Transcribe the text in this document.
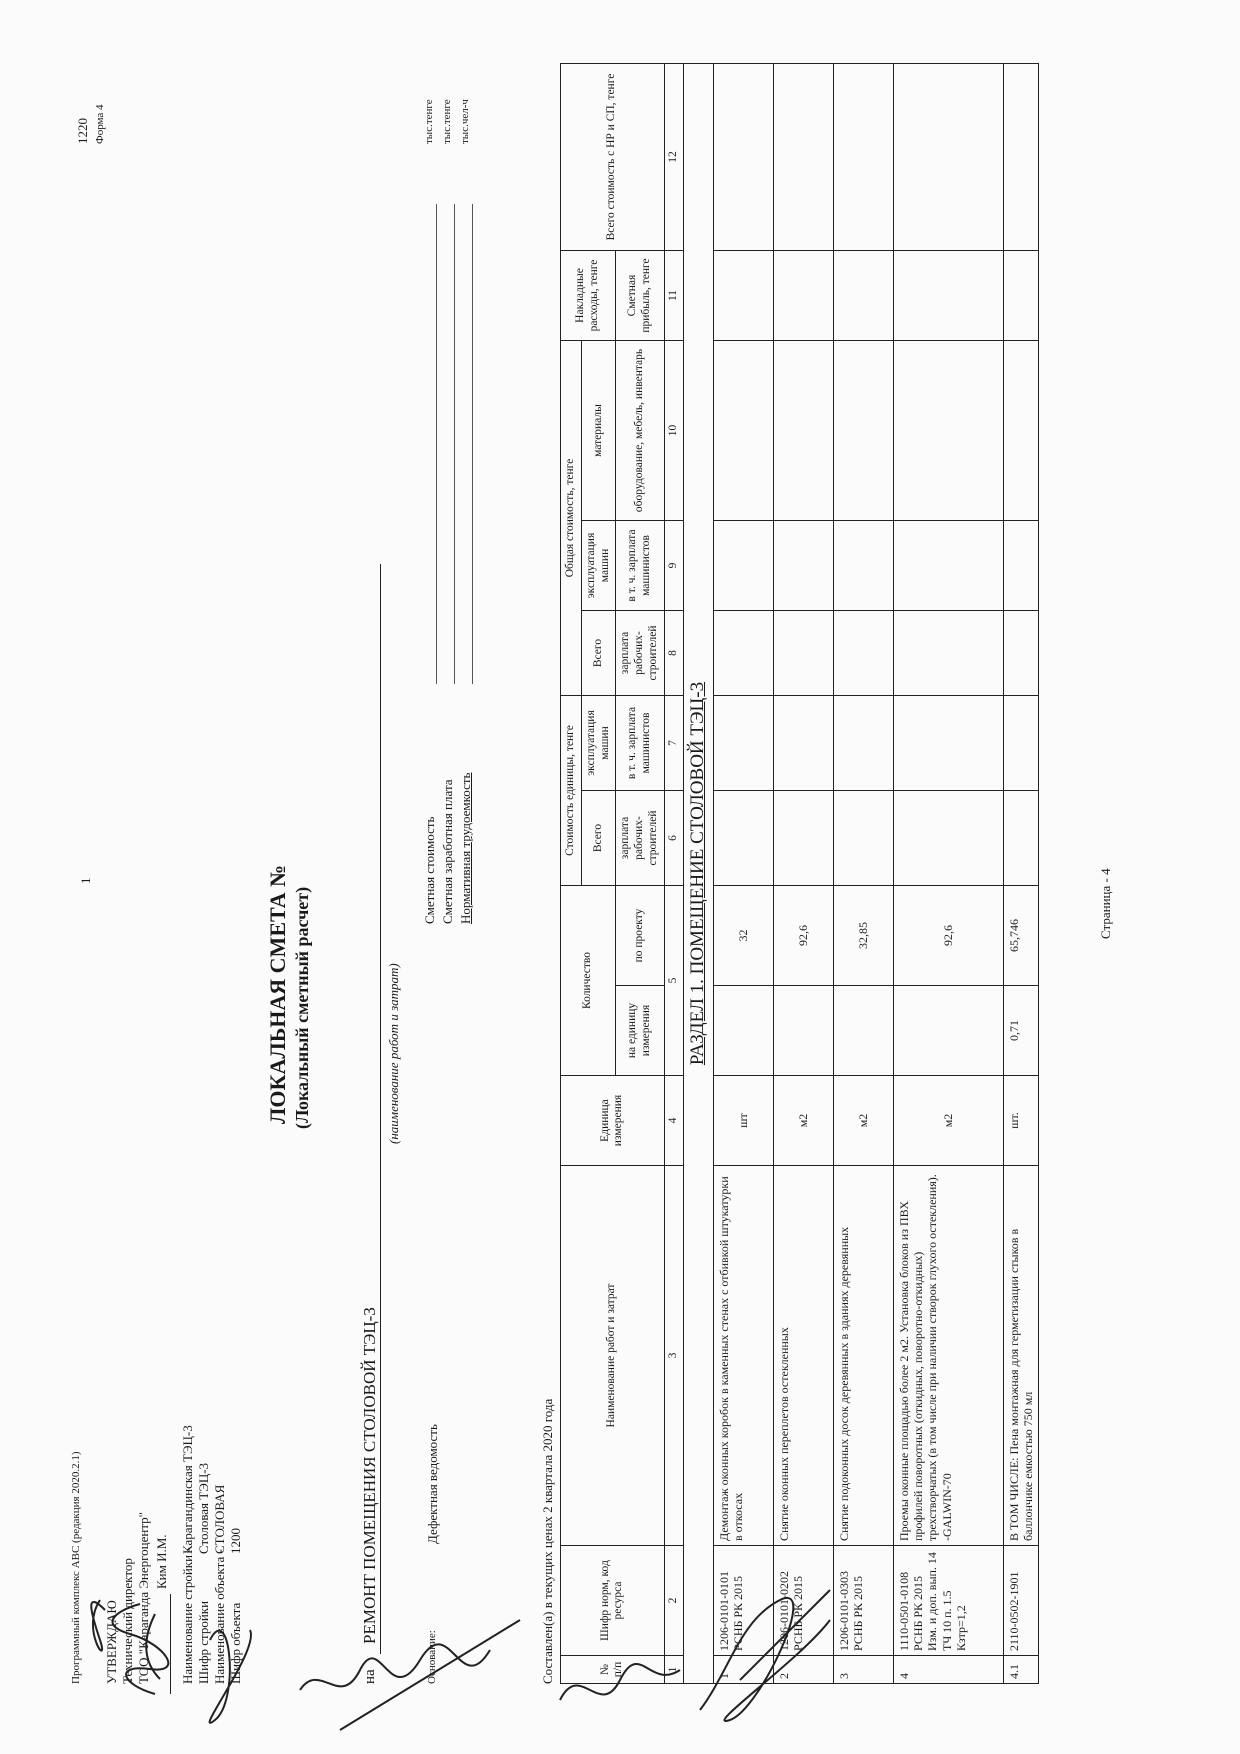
Программный комплекс АВС (редакция 2020.2.1)
1
1220 Форма 4
УТВЕРЖДАЮ Технический директор ТОО "Караганда Энергоцентр" Ким И.М. Наименование стройки -Карагандинская ТЭЦ-3
Шифр стройкиСтоловая ТЭЦ-3
Наименование объекта -СТОЛОВАЯ
Шифр объекта1200
ЛОКАЛЬНАЯ СМЕТА № (Локальный сметный расчет)
на
РЕМОНТ ПОМЕЩЕНИЯ СТОЛОВОЙ ТЭЦ-3
(наименование работ и затрат)
Основание:
Дефектная ведомость
Сметная стоимость
тыс.тенге
Сметная заработная плата
тыс.тенге
Нормативная трудоемкость
тыс.чел-ч
Составлен(а) в текущих ценах 2 квартала 2020 года	№ п/п	Шифр норм, код ресурса	Наименование работ и затрат	Единица измерения	Количество		Стоимость единицы, тенге		Общая стоимость, тенге			Накладные расходы, тенге	Всего стоимость с НР и СП, тенге
						Всего	эксплуатация машин	Всего	эксплуатация машин	материалы		
				на единицу измерения	по проекту	зарплата рабочих-строителей	в т. ч. зарплата машинистов	зарплата рабочих-строителей	в т. ч. зарплата машинистов	оборудование, мебель, инвентарь	Сметная прибыль, тенге	
1	2	3	4	5		6	7	8	9	10	11	12
РАЗДЕЛ 1. ПОМЕЩЕНИЕ СТОЛОВОЙ ТЭЦ-3												
1	1206-0101-0101 РСНБ РК 2015	Демонтаж оконных коробок в каменных стенах с отбивкой штукатурки в откосах	шт		32							
2	1206-0101-0202 РСНБ РК 2015	Снятие оконных переплетов остекленных	м2		92,6							
3	1206-0101-0303 РСНБ РК 2015	Снятие подоконных досок деревянных в зданиях деревянных	м2		32,85							
4	1110-0501-0108 РСНБ РК 2015 Изм. и доп. вып. 14 ТЧ 10 п. 1.5 Кзтр=1,2	Проемы оконные площадью более 2 м2. Установка блоков из ПВХ профилей поворотных (откидных, поворотно-откидных) трехстворчатых (в том числе при наличии створок глухого остекления). -GALWIN-70	м2		92,6							
4.1	2110-0502-1901	В ТОМ ЧИСЛЕ: Пена монтажная для герметизации стыков в баллончике емкостью 750 мл	шт.	0,71	65,746								Страница - 4
